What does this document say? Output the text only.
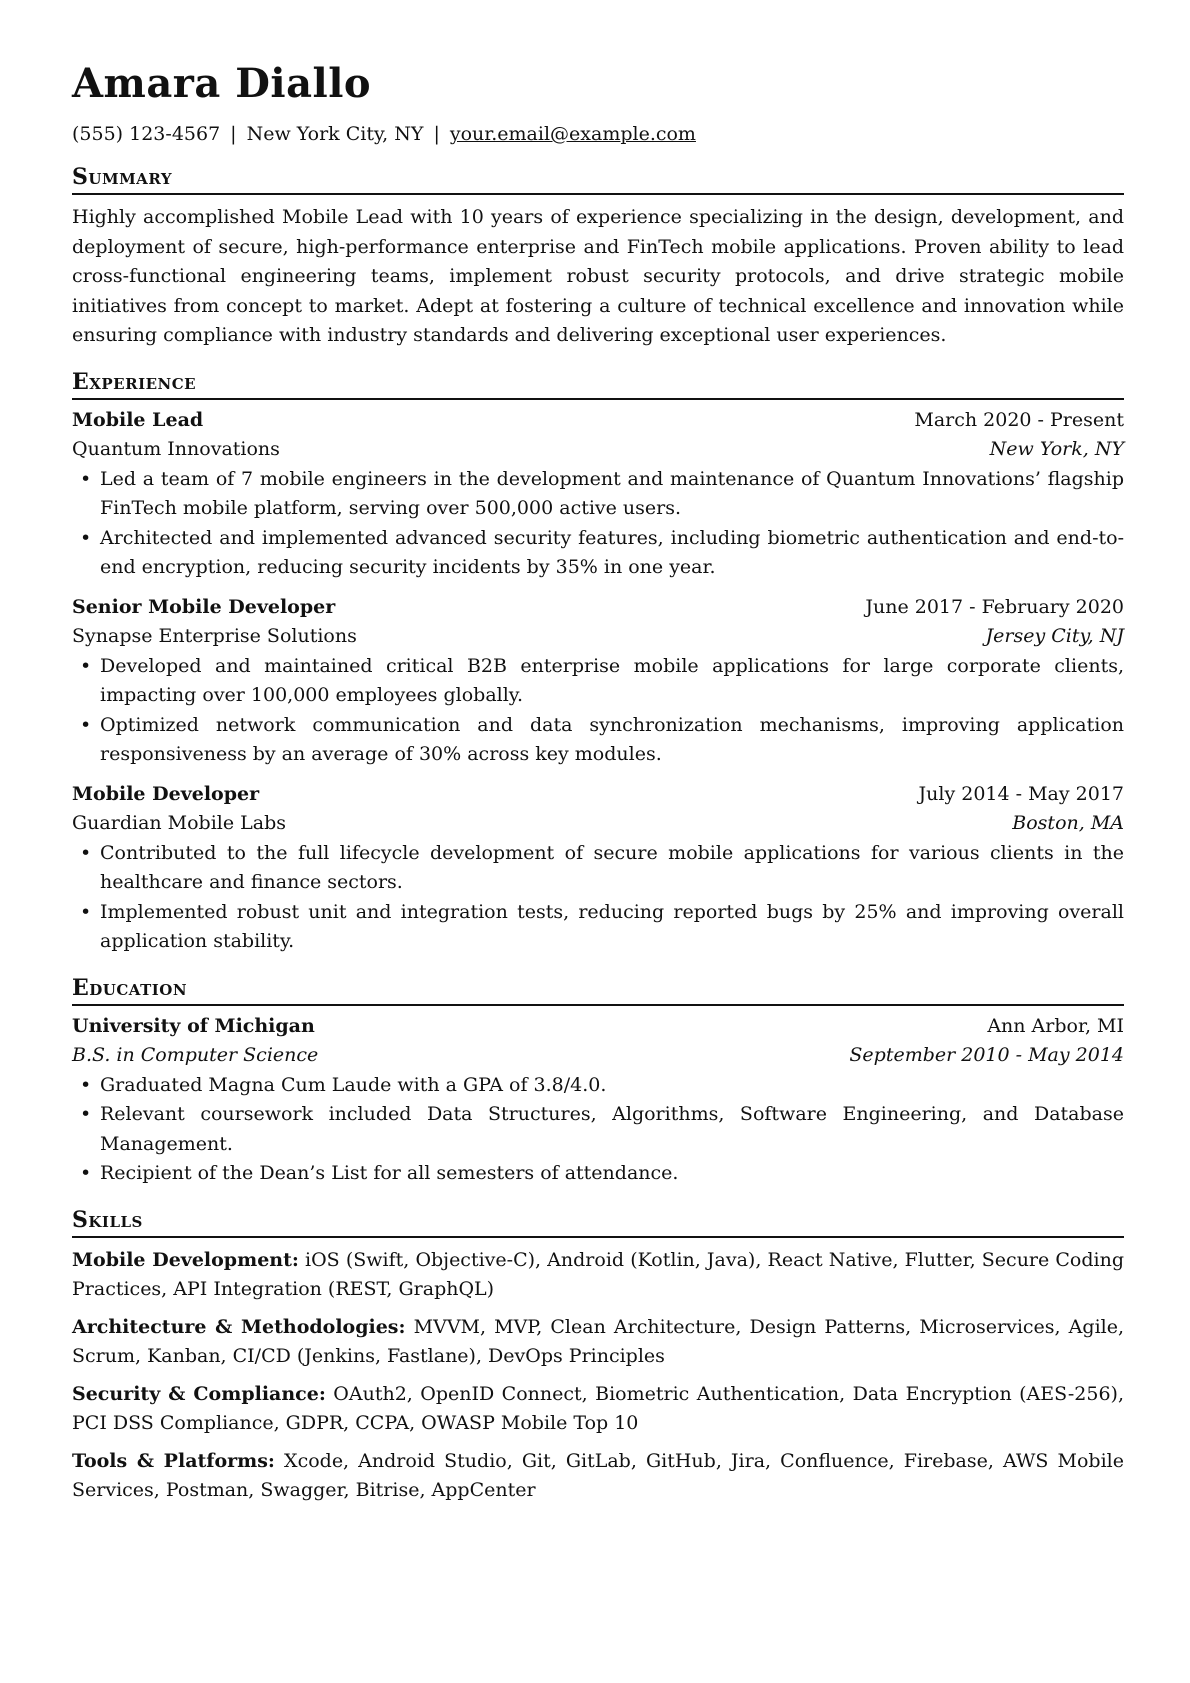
Amara Diallo
(555) 123-4567 | New York City, NY | your.email@example.com
Summary
Highly accomplished Mobile Lead with 10 years of experience specializing in the design, development, and deployment of secure, high-performance enterprise and FinTech mobile applications. Proven ability to lead cross-functional engineering teams, implement robust security protocols, and drive strategic mobile initiatives from concept to market. Adept at fostering a culture of technical excellence and innovation while ensuring compliance with industry standards and delivering exceptional user experiences.
Experience
Mobile Lead	March 2020 - Present
Quantum Innovations	New York, NY
• Led a team of 7 mobile engineers in the development and maintenance of Quantum Innovations’ flagship FinTech mobile platform, serving over 500,000 active users.
• Architected and implemented advanced security features, including biometric authentication and end-to-end encryption, reducing security incidents by 35% in one year.
Senior Mobile Developer	June 2017 - February 2020
Synapse Enterprise Solutions	Jersey City, NJ
• Developed and maintained critical B2B enterprise mobile applications for large corporate clients, impacting over 100,000 employees globally.
• Optimized network communication and data synchronization mechanisms, improving application responsiveness by an average of 30% across key modules.
Mobile Developer	July 2014 - May 2017
Guardian Mobile Labs	Boston, MA
• Contributed to the full lifecycle development of secure mobile applications for various clients in the healthcare and finance sectors.
• Implemented robust unit and integration tests, reducing reported bugs by 25% and improving overall application stability.
Education
University of Michigan	Ann Arbor, MI
B.S. in Computer Science	September 2010 - May 2014
• Graduated Magna Cum Laude with a GPA of 3.8/4.0.
• Relevant coursework included Data Structures, Algorithms, Software Engineering, and Database Management.
• Recipient of the Dean’s List for all semesters of attendance.
Skills
Mobile Development: iOS (Swift, Objective-C), Android (Kotlin, Java), React Native, Flutter, Secure Coding Practices, API Integration (REST, GraphQL)
Architecture & Methodologies: MVVM, MVP, Clean Architecture, Design Patterns, Microservices, Agile, Scrum, Kanban, CI/CD (Jenkins, Fastlane), DevOps Principles
Security & Compliance: OAuth2, OpenID Connect, Biometric Authentication, Data Encryption (AES-256), PCI DSS Compliance, GDPR, CCPA, OWASP Mobile Top 10
Tools & Platforms: Xcode, Android Studio, Git, GitLab, GitHub, Jira, Confluence, Firebase, AWS Mobile Services, Postman, Swagger, Bitrise, AppCenter
